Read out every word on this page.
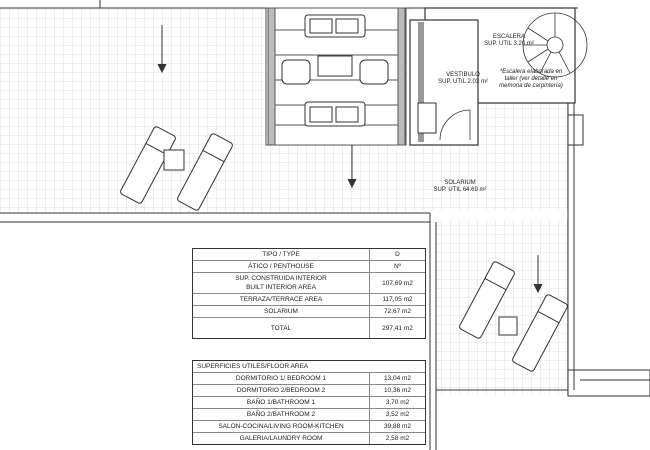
ESCALERA
SUP. UTIL 3.20 m²
VESTIBULO
SUP. UTIL 2.03 m²
*Escalera elaborada en
taller (ver detalle en
memoria de carpintería)
SOLARIUM
SUP. UTIL 64.69 m²
TIPO / TYPE	D
ÁTICO / PENTHOUSE	Nº
SUP. CONSTRUIDA INTERIOR
BUILT INTERIOR AREA
107,69 m2
TERRAZA/TERRACE AREA	117,05 m2
SOLARIUM	72,67 m2
TOTAL	297,41 m2
SUPERFICIES UTILES/FLOOR AREA
DORMITORIO 1/ BEDROOM 1	13,04 m2
DORMITORIO 2/BEDROOM 2	10,36 m2
BAÑO 1/BATHROOM 1	3,70 m2
BAÑO 2/BATHROOM 2	3,52 m2
SALON-COCINA/LIVING ROOM-KITCHEN	39,88 m2
GALERIA/LAUNDRY ROOM	2,58 m2
